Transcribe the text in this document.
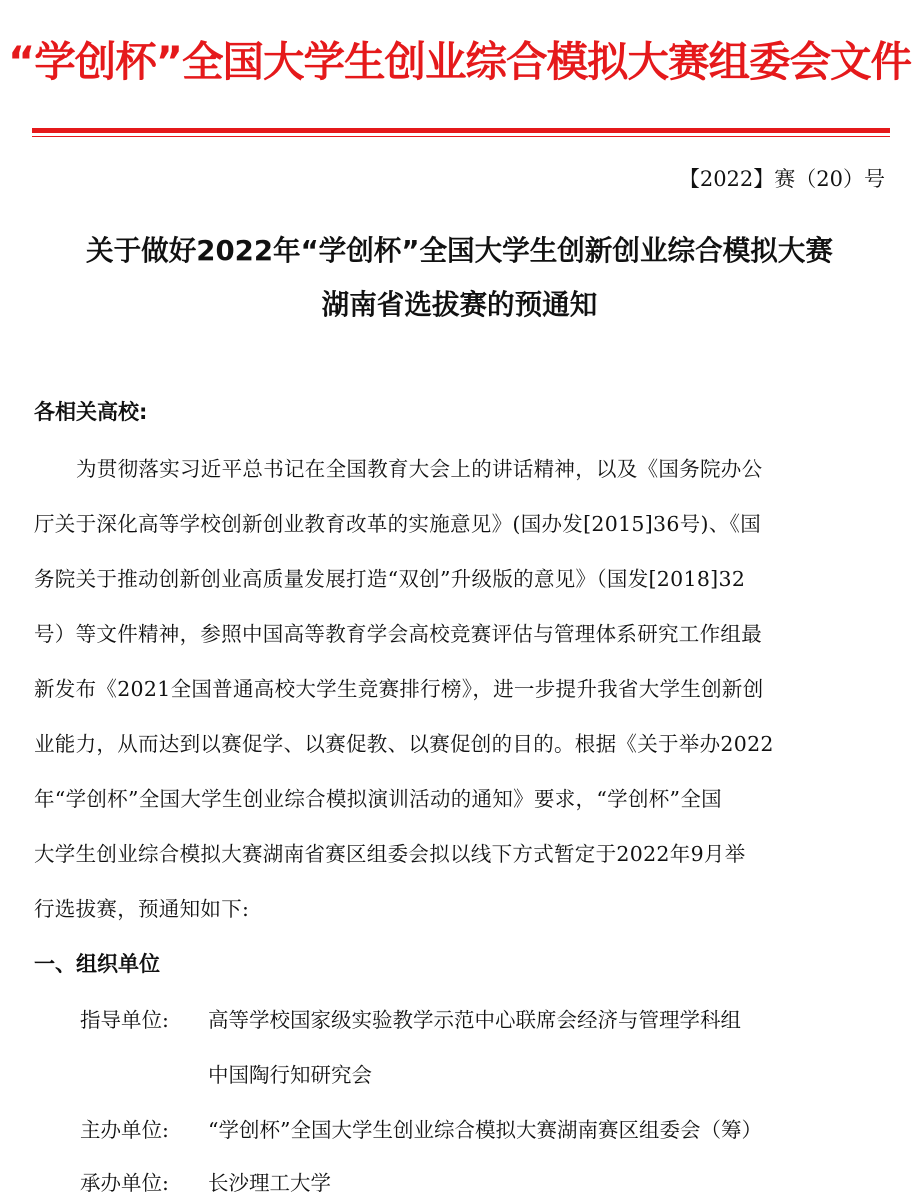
“学创杯”全国大学生创业综合模拟大赛组委会文件
【2022】赛（20）号
关于做好2022年“学创杯”全国大学生创新创业综合模拟大赛
湖南省选拔赛的预通知
各相关高校:
为贯彻落实习近平总书记在全国教育大会上的讲话精神，以及《国务院办公
厅关于深化高等学校创新创业教育改革的实施意见》(国办发[2015]36号)、《国
务院关于推动创新创业高质量发展打造“双创”升级版的意见》（国发[2018]32
号）等文件精神，参照中国高等教育学会高校竞赛评估与管理体系研究工作组最
新发布《2021全国普通高校大学生竞赛排行榜》，进一步提升我省大学生创新创
业能力，从而达到以赛促学、以赛促教、以赛促创的目的。根据《关于举办2022
年“学创杯”全国大学生创业综合模拟演训活动的通知》要求，“学创杯”全国
大学生创业综合模拟大赛湖南省赛区组委会拟以线下方式暂定于2022年9月举
行选拔赛，预通知如下:
一、组织单位
指导单位: 高等学校国家级实验教学示范中心联席会经济与管理学科组
中国陶行知研究会
主办单位: “学创杯”全国大学生创业综合模拟大赛湖南赛区组委会（筹）
承办单位: 长沙理工大学
